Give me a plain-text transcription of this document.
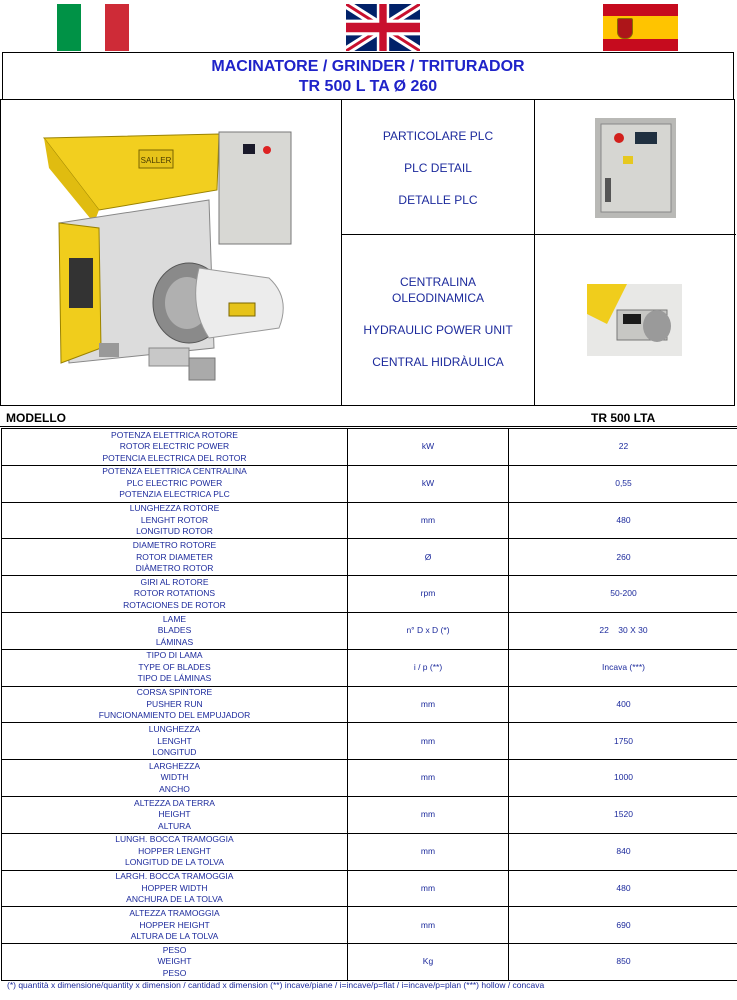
MACINATORE / GRINDER / TRITURADOR
TR 500 L TA Ø 260
SALLER

PARTICOLARE PLC

PLC DETAIL

DETALLE PLC

CENTRALINA

OLEODINAMICA

HYDRAULIC POWER UNIT

CENTRAL HIDRÀULICA

MODELLO	TR 500 LTA
POTENZA ELETTRICA ROTORE
ROTOR ELECTRIC POWER
POTENCIA ELECTRICA DEL ROTOR	kW	22

POTENZA ELETTRICA CENTRALINA
PLC ELECTRIC POWER
POTENZIA ELECTRICA PLC	kW	0,55

LUNGHEZZA ROTORE
LENGHT ROTOR
LONGITUD ROTOR	mm	480

DIAMETRO ROTORE
ROTOR DIAMETER
DIÀMETRO ROTOR	Ø	260

GIRI AL ROTORE
ROTOR ROTATIONS
ROTACIONES DE ROTOR	rpm	50-200

LAME
BLADES
LÁMINAS	n° D x D (*)	22    30 X 30

TIPO DI LAMA
TYPE OF BLADES
TIPO DE LÁMINAS	i / p (**)	Incava (***)

CORSA SPINTORE
PUSHER RUN
FUNCIONAMIENTO DEL EMPUJADOR	mm	400

LUNGHEZZA
LENGHT
LONGITUD	mm	1750

LARGHEZZA
WIDTH
ANCHO	mm	1000

ALTEZZA DA TERRA
HEIGHT
ALTURA	mm	1520

LUNGH. BOCCA TRAMOGGIA
HOPPER LENGHT
LONGITUD DE LA TOLVA	mm	840

LARGH. BOCCA TRAMOGGIA
HOPPER WIDTH
ANCHURA DE LA TOLVA	mm	480

ALTEZZA TRAMOGGIA
HOPPER HEIGHT
ALTURA DE LA TOLVA	mm	690

PESO
WEIGHT
PESO	Kg	850
(*) quantità x dimensione/quantity x dimension / cantidad x dimension (**) incave/piane / i=incave/p=flat / i=incave/p=plan (***) hollow / concava
